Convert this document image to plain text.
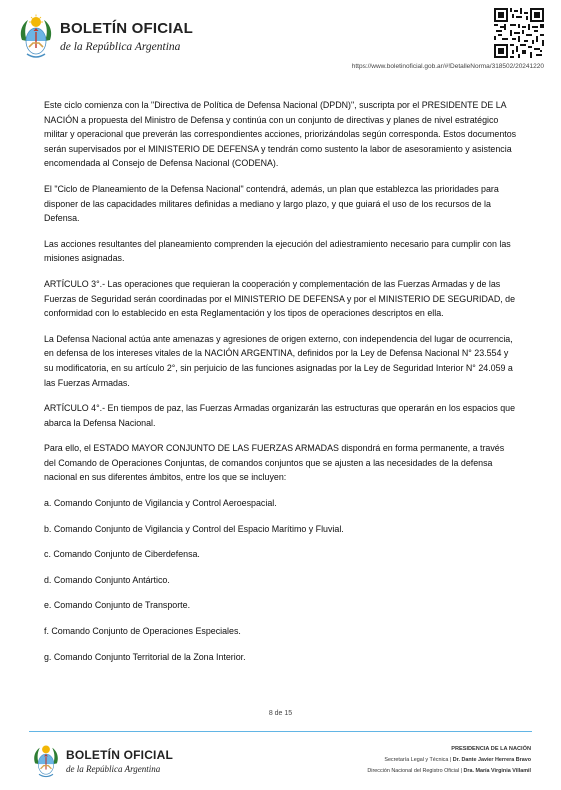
BOLETÍN OFICIAL
de la República Argentina
https://www.boletinoficial.gob.ar/#!DetalleNorma/318502/20241220

Este ciclo comienza con la "Directiva de Política de Defensa Nacional (DPDN)", suscripta por el PRESIDENTE DE LA NACIÓN a propuesta del Ministro de Defensa y continúa con un conjunto de directivas y planes de nivel estratégico militar y operacional que preverán las correspondientes acciones, priorizándolas según corresponda. Estos documentos serán supervisados por el MINISTERIO DE DEFENSA y tendrán como sustento la labor de asesoramiento y asistencia encomendada al Consejo de Defensa Nacional (CODENA).

El "Ciclo de Planeamiento de la Defensa Nacional" contendrá, además, un plan que establezca las prioridades para disponer de las capacidades militares definidas a mediano y largo plazo, y que guiará el uso de los recursos de la Defensa.

Las acciones resultantes del planeamiento comprenden la ejecución del adiestramiento necesario para cumplir con las misiones asignadas.

ARTÍCULO 3°.- Las operaciones que requieran la cooperación y complementación de las Fuerzas Armadas y de las Fuerzas de Seguridad serán coordinadas por el MINISTERIO DE DEFENSA y por el MINISTERIO DE SEGURIDAD, de conformidad con lo establecido en esta Reglamentación y los tipos de operaciones descriptos en ella.

La Defensa Nacional actúa ante amenazas y agresiones de origen externo, con independencia del lugar de ocurrencia, en defensa de los intereses vitales de la NACIÓN ARGENTINA, definidos por la Ley de Defensa Nacional N° 23.554 y su modificatoria, en su artículo 2°, sin perjuicio de las funciones asignadas por la Ley de Seguridad Interior N° 24.059 a las Fuerzas Armadas.

ARTÍCULO 4°.- En tiempos de paz, las Fuerzas Armadas organizarán las estructuras que operarán en los espacios que abarca la Defensa Nacional.

Para ello, el ESTADO MAYOR CONJUNTO DE LAS FUERZAS ARMADAS dispondrá en forma permanente, a través del Comando de Operaciones Conjuntas, de comandos conjuntos que se ajusten a las necesidades de la defensa nacional en sus diferentes ámbitos, entre los que se incluyen:

a. Comando Conjunto de Vigilancia y Control Aeroespacial.

b. Comando Conjunto de Vigilancia y Control del Espacio Marítimo y Fluvial.

c. Comando Conjunto de Ciberdefensa.

d. Comando Conjunto Antártico.

e. Comando Conjunto de Transporte.

f. Comando Conjunto de Operaciones Especiales.

g. Comando Conjunto Territorial de la Zona Interior.

8 de 15
BOLETÍN OFICIAL
de la República Argentina
PRESIDENCIA DE LA NACIÓN
Secretaría Legal y Técnica | Dr. Dante Javier Herrera Bravo
Dirección Nacional del Registro Oficial | Dra. María Virginia Villamil
